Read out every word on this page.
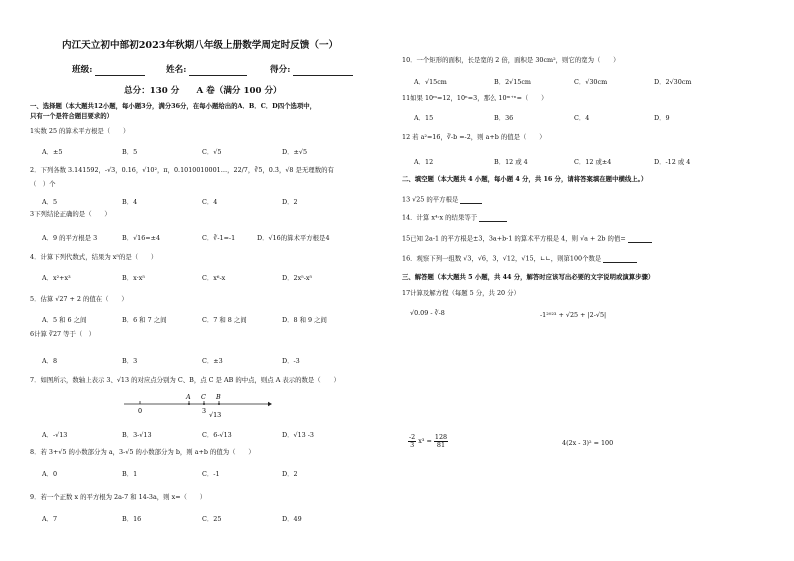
内江天立初中部初2023年秋期八年级上册数学周定时反馈（一）
班级:	姓名:	得分:
总分：130 分　　A 卷（满分 100 分）
一、选择题（本大题共12小题，每小题3分，满分36分，在每小题给出的A．B．C．D四个选项中，
只有一个是符合题目要求的）
1实数 25 的算术平方根是（　　）
A．±5	B．5	C．√5	D．±√5
2．下列各数 3.141592，-√3，0.16，√10²，π，0.1010010001…，22/7，∛5，0.3̇，√8 是无理数的有
（　）个
A．5	B．4	C．4	D．2
3下列结论正确的是（　　）
A．9 的平方根是 3	B．√16=±4	C．∛-1=-1	D．√16的算术平方根是4
4．计算下列代数式，结果为 x⁵的是（　　）
A．x²+x³	B．x·x⁵	C．x⁶-x	D．2x⁵-x⁵
5．估算 √27 + 2 的值在（　　）
A．5 和 6 之间	B．6 和 7 之间	C．7 和 8 之间	D．8 和 9 之间
6计算 ∛27 等于（　）
A．8	B．3	C．±3	D．-3
7．如图所示，数轴上表示 3、√13 的对应点分别为 C、B，点 C 是 AB 的中点，则点 A 表示的数是（　　）
A C B
0	3 √13
A．-√13	B．3-√13	C．6-√13	D．√13 -3
8．若 3+√5 的小数部分为 a，3-√5 的小数部分为 b，则 a+b 的值为（　　）
A．0	B．1	C．-1	D．2
9．若一个正数 x 的平方根为 2a-7 和 14-3a，则 x=（　　）
A．7	B．16	C．25	D．49
10．一个矩形的面积，长是宽的 2 倍，面积是 30cm²，则它的宽为（　　）
A．√15cm	B．2√15cm	C．√30cm	D．2√30cm
11如果 10ᵐ=12，10ⁿ=3，那么 10ᵐ⁺ⁿ=（　　）
A．15	B．36	C．4	D．9
12 若 a²=16，∛-b =-2，则 a+b 的值是（　　）
A．12	B．12 或 4	C．12 或±4	D．-12 或 4
二、填空题（本大题共 4 小题，每小题 4 分，共 16 分，请将答案填在题中横线上。）
13 √25 的平方根是
14．计算 x⁴·x 的结果等于
15已知 2a-1 的平方根是±3，3a+b-1 的算术平方根是 4，则 √a + 2b 的值=
16．观察下列一组数 √3，√6，3，√12，√15，∟∟，则第100个数是
三、解答题（本大题共 5 小题，共 44 分，解答时应该写出必要的文字说明或演算步骤）
17计算及解方程（每题 5 分，共 20 分）
√0.09 - ∛-8	-1²⁰²³ + √25 + |2-√5|
$\frac{-2}{3} x^3 = \frac{128}{81}$	4(2x - 3)² = 100
